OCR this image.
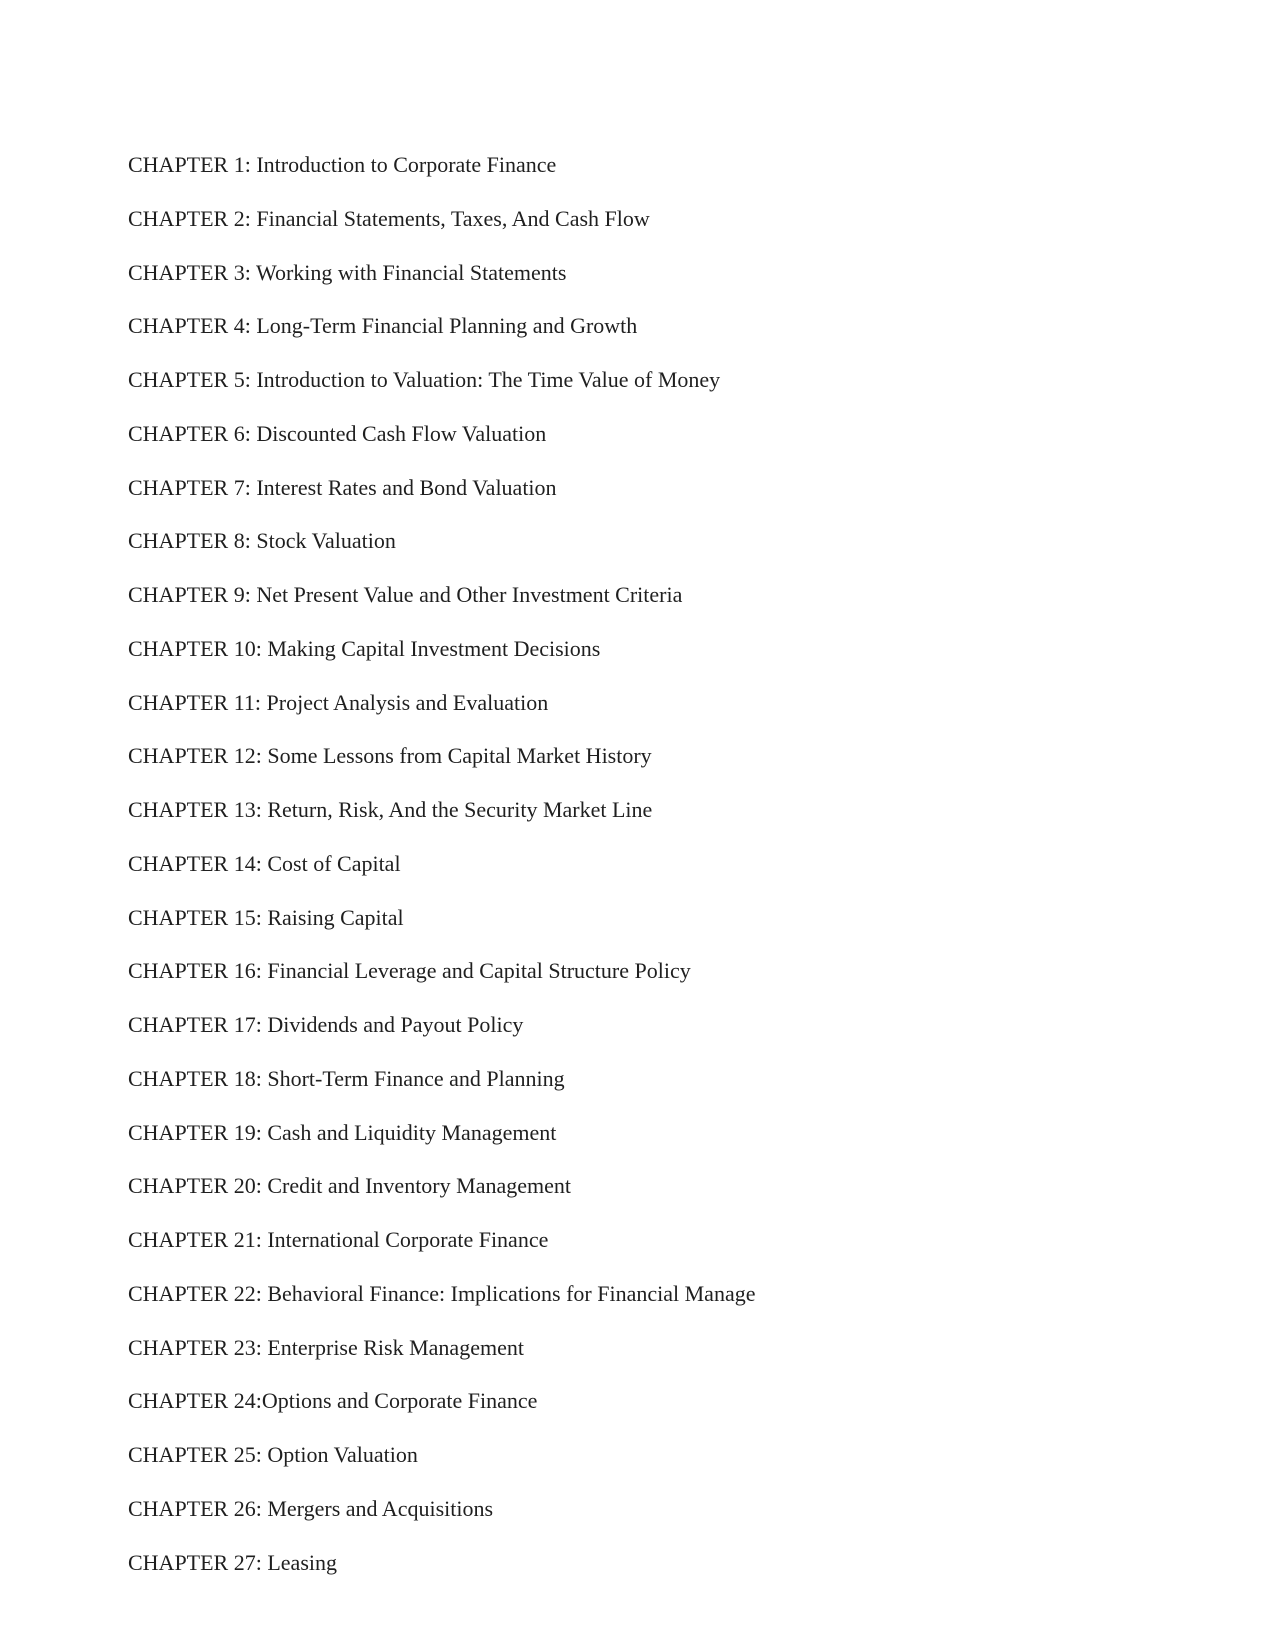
CHAPTER 1: Introduction to Corporate Finance
CHAPTER 2: Financial Statements, Taxes, And Cash Flow
CHAPTER 3: Working with Financial Statements
CHAPTER 4: Long-Term Financial Planning and Growth
CHAPTER 5: Introduction to Valuation: The Time Value of Money
CHAPTER 6: Discounted Cash Flow Valuation
CHAPTER 7: Interest Rates and Bond Valuation
CHAPTER 8: Stock Valuation
CHAPTER 9: Net Present Value and Other Investment Criteria
CHAPTER 10: Making Capital Investment Decisions
CHAPTER 11: Project Analysis and Evaluation
CHAPTER 12: Some Lessons from Capital Market History
CHAPTER 13: Return, Risk, And the Security Market Line
CHAPTER 14: Cost of Capital
CHAPTER 15: Raising Capital
CHAPTER 16: Financial Leverage and Capital Structure Policy
CHAPTER 17: Dividends and Payout Policy
CHAPTER 18: Short-Term Finance and Planning
CHAPTER 19: Cash and Liquidity Management
CHAPTER 20: Credit and Inventory Management
CHAPTER 21: International Corporate Finance
CHAPTER 22: Behavioral Finance: Implications for Financial Manage
CHAPTER 23: Enterprise Risk Management
CHAPTER 24:Options and Corporate Finance
CHAPTER 25: Option Valuation
CHAPTER 26: Mergers and Acquisitions
CHAPTER 27: Leasing
